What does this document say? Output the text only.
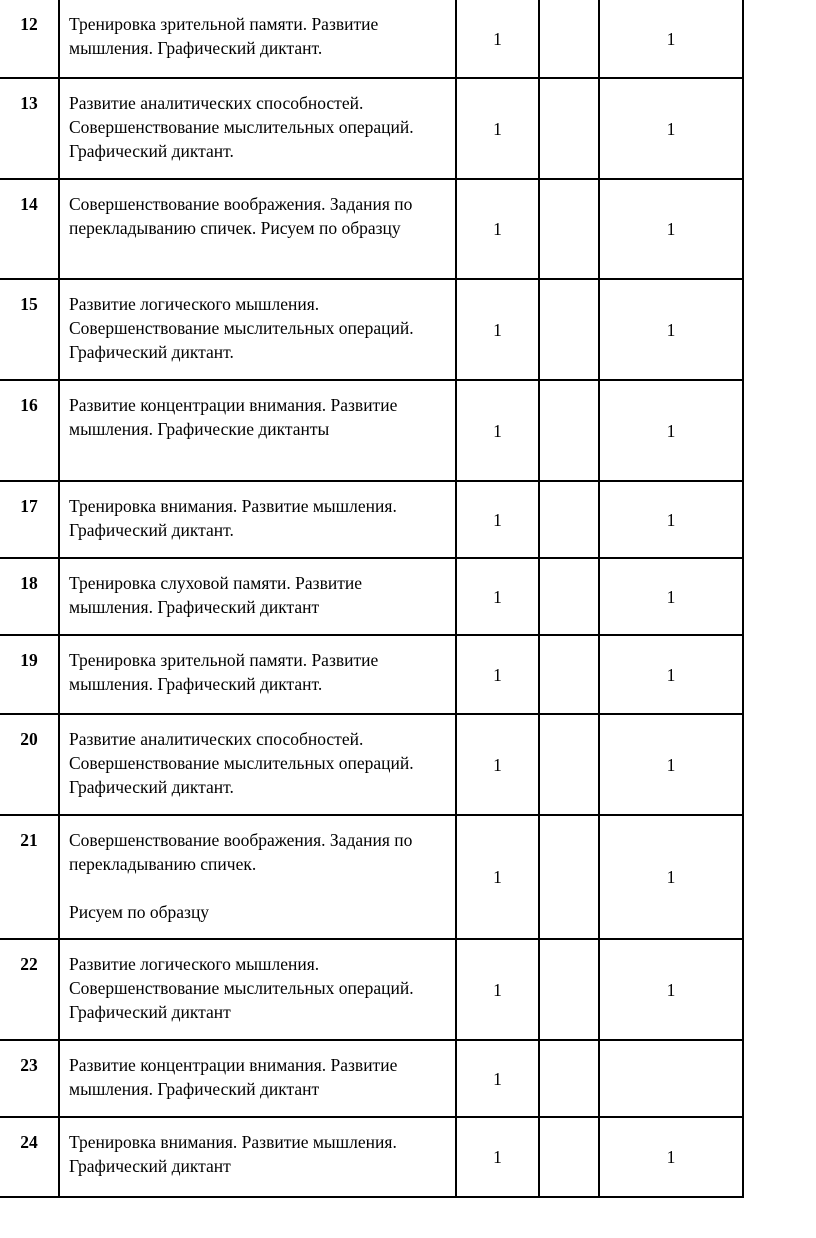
12	Тренировка зрительной памяти. Развитие мышления. Графический диктант.	1		1
13	Развитие аналитических способностей. Совершенствование мыслительных операций. Графический диктант.	1		1
14	Совершенствование воображения. Задания по перекладыванию спичек. Рисуем по образцу	1		1
15	Развитие логического мышления. Совершенствование мыслительных операций. Графический диктант.	1		1
16	Развитие концентрации внимания. Развитие мышления. Графические диктанты	1		1
17	Тренировка внимания. Развитие мышления. Графический диктант.	1		1
18	Тренировка слуховой памяти. Развитие мышления. Графический диктант	1		1
19	Тренировка зрительной памяти. Развитие мышления. Графический диктант.	1		1
20	Развитие аналитических способностей. Совершенствование мыслительных операций. Графический диктант.	1		1
21	Совершенствование воображения. Задания по перекладыванию спичек.
Рисуем по образцу	1		1
22	Развитие логического мышления. Совершенствование мыслительных операций. Графический диктант	1		1
23	Развитие концентрации внимания. Развитие мышления. Графический диктант	1		
24	Тренировка внимания. Развитие мышления. Графический диктант	1		1
